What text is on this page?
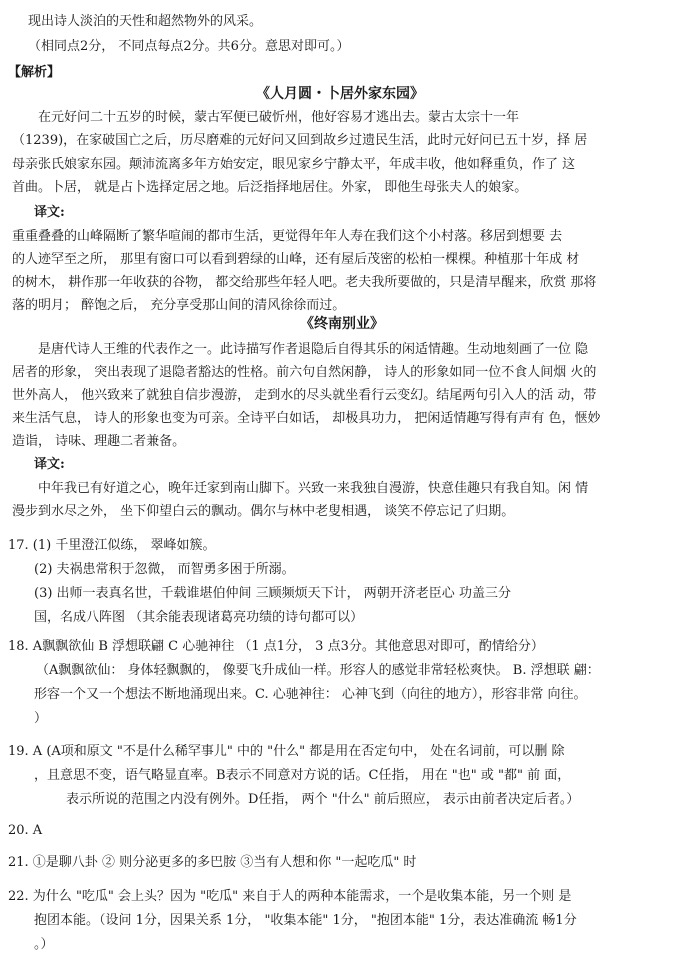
现出诗人淡泊的天性和超然物外的风采。
（相同点2分， 不同点每点2分。共6分。意思对即可。）
【解析】
《人月圆・卜居外家东园》
在元好问二十五岁的时候，蒙古军便已破忻州，他好容易才逃出去。蒙古太宗十一年
（1239)，在家破国亡之后，历尽磨难的元好问又回到故乡过遗民生活，此时元好问已五十岁，择 居
母亲张氏娘家东园。颠沛流离多年方始安定，眼见家乡宁静太平，年成丰收，他如释重负，作了 这
首曲。卜居， 就是占卜选择定居之地。后泛指择地居住。外家， 即他生母张夫人的娘家。
译文:
重重叠叠的山峰隔断了繁华喧闹的都市生活，更觉得年年人寿在我们这个小村落。移居到想要 去
的人迹罕至之所， 那里有窗口可以看到碧绿的山峰，还有屋后茂密的松柏一棵棵。种植那十年成 材
的树木， 耕作那一年收获的谷物， 都交给那些年轻人吧。老夫我所要做的，只是清早醒来，欣赏 那将
落的明月； 醉饱之后， 充分享受那山间的清风徐徐而过。
《终南别业》
是唐代诗人王维的代表作之一。此诗描写作者退隐后自得其乐的闲适情趣。生动地刻画了一位 隐
居者的形象， 突出表现了退隐者豁达的性格。前六句自然闲静， 诗人的形象如同一位不食人间烟 火的
世外高人， 他兴致来了就独自信步漫游， 走到水的尽头就坐看行云变幻。结尾两句引入人的活 动，带
来生活气息， 诗人的形象也变为可亲。全诗平白如话， 却极具功力， 把闲适情趣写得有声有 色，惬妙
造诣， 诗味、理趣二者兼备。
译文:
中年我已有好道之心，晚年迁家到南山脚下。兴致一来我独自漫游，快意佳趣只有我自知。闲 情
漫步到水尽之外， 坐下仰望白云的飘动。偶尔与林中老叟相遇， 谈笑不停忘记了归期。
17. (1) 千里澄江似练， 翠峰如簇。
(2) 夫祸患常积于忽微， 而智勇多困于所溺。
(3) 出师一表真名世，千载谁堪伯仲间 三顾频烦天下计， 两朝开济老臣心 功盖三分
国，名成八阵图 （其余能表现诸葛亮功绩的诗句都可以）
18. A飘飘欲仙 B 浮想联翩 C 心驰神往 （1 点1分， 3 点3分。其他意思对即可，酌情给分）
（A飘飘欲仙： 身体轻飘飘的， 像要飞升成仙一样。形容人的感觉非常轻松爽快。 B. 浮想联 翩：
形容一个又一个想法不断地涌现出来。C. 心驰神往： 心神飞到（向往的地方），形容非常 向往。
）
19. A (A项和原文 "不是什么稀罕事儿" 中的 "什么" 都是用在否定句中， 处在名词前，可以删 除
，且意思不变，语气略显直率。B表示不同意对方说的话。C任指， 用在 "也" 或 "都" 前 面，
表示所说的范围之内没有例外。D任指， 两个 "什么" 前后照应， 表示由前者决定后者。）
20. A
21. ①是聊八卦 ② 则分泌更多的多巴胺 ③当有人想和你 "一起吃瓜" 时
22. 为什么 "吃瓜" 会上头？因为 "吃瓜" 来自于人的两种本能需求，一个是收集本能，另一个则 是
抱团本能。（设问 1分，因果关系 1分， "收集本能" 1分， "抱团本能" 1分，表达准确流 畅1分
。）
